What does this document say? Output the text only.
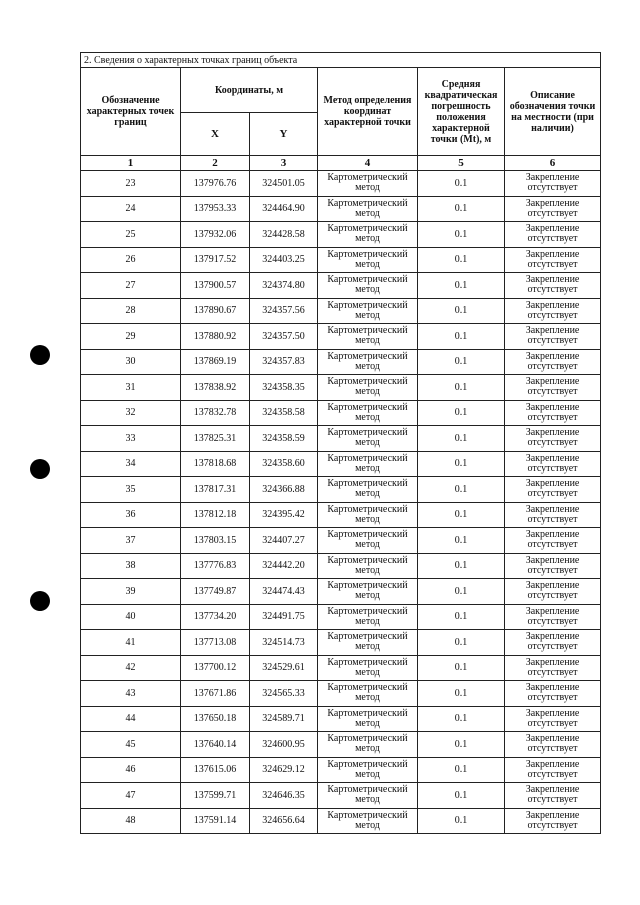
2. Сведения о характерных точках границ объекта					
Обозначение характерных точек границ	Координаты, м		Метод определения координат характерной точки	Средняя квадратическая погрешность положения характерной точки (Mt), м	Описание обозначения точки на местности (при наличии)
	X	Y			
1	2	3	4	5	6
23	137976.76	324501.05	Картометрический метод	0.1	Закрепление отсутствует
24	137953.33	324464.90	Картометрический метод	0.1	Закрепление отсутствует
25	137932.06	324428.58	Картометрический метод	0.1	Закрепление отсутствует
26	137917.52	324403.25	Картометрический метод	0.1	Закрепление отсутствует
27	137900.57	324374.80	Картометрический метод	0.1	Закрепление отсутствует
28	137890.67	324357.56	Картометрический метод	0.1	Закрепление отсутствует
29	137880.92	324357.50	Картометрический метод	0.1	Закрепление отсутствует
30	137869.19	324357.83	Картометрический метод	0.1	Закрепление отсутствует
31	137838.92	324358.35	Картометрический метод	0.1	Закрепление отсутствует
32	137832.78	324358.58	Картометрический метод	0.1	Закрепление отсутствует
33	137825.31	324358.59	Картометрический метод	0.1	Закрепление отсутствует
34	137818.68	324358.60	Картометрический метод	0.1	Закрепление отсутствует
35	137817.31	324366.88	Картометрический метод	0.1	Закрепление отсутствует
36	137812.18	324395.42	Картометрический метод	0.1	Закрепление отсутствует
37	137803.15	324407.27	Картометрический метод	0.1	Закрепление отсутствует
38	137776.83	324442.20	Картометрический метод	0.1	Закрепление отсутствует
39	137749.87	324474.43	Картометрический метод	0.1	Закрепление отсутствует
40	137734.20	324491.75	Картометрический метод	0.1	Закрепление отсутствует
41	137713.08	324514.73	Картометрический метод	0.1	Закрепление отсутствует
42	137700.12	324529.61	Картометрический метод	0.1	Закрепление отсутствует
43	137671.86	324565.33	Картометрический метод	0.1	Закрепление отсутствует
44	137650.18	324589.71	Картометрический метод	0.1	Закрепление отсутствует
45	137640.14	324600.95	Картометрический метод	0.1	Закрепление отсутствует
46	137615.06	324629.12	Картометрический метод	0.1	Закрепление отсутствует
47	137599.71	324646.35	Картометрический метод	0.1	Закрепление отсутствует
48	137591.14	324656.64	Картометрический метод	0.1	Закрепление отсутствует
